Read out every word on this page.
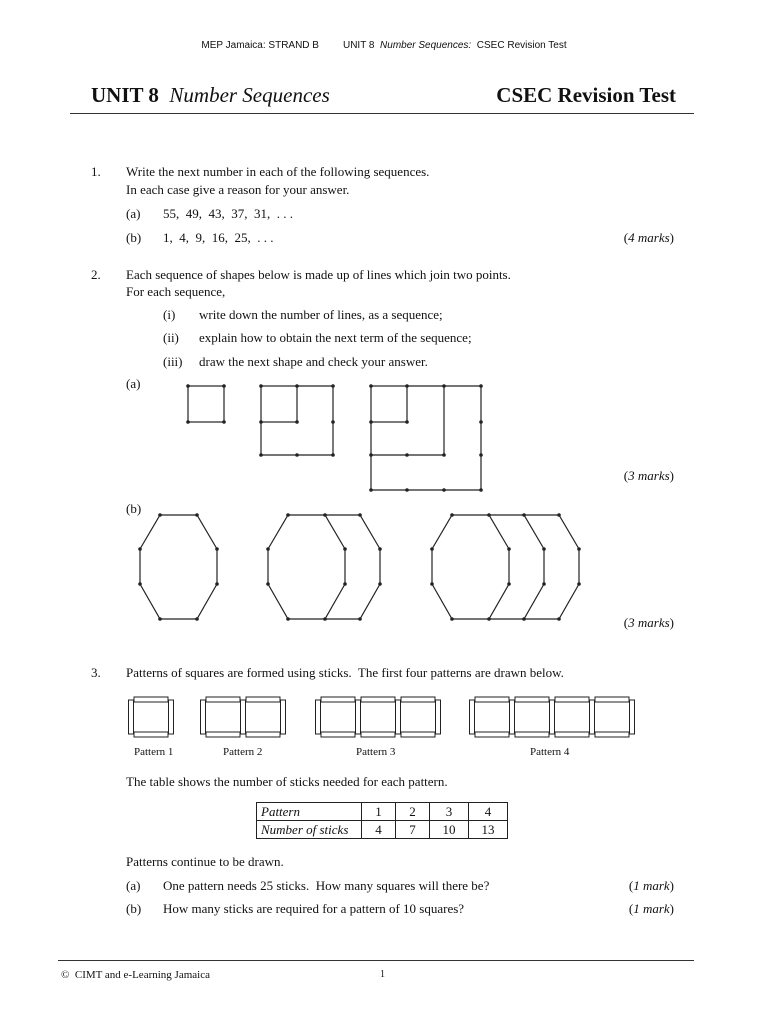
MEP Jamaica: STRAND B UNIT 8 Number Sequences: CSEC Revision Test
UNIT 8 Number Sequences	CSEC Revision Test
1. Write the next number in each of the following sequences.
In each case give a reason for your answer.
(a) 55,  49,  43,  37,  31,  . . .
(b) 1,  4,  9,  16,  25,  . . .	(4 marks)
2. Each sequence of shapes below is made up of lines which join two points.
For each sequence,
(i) write down the number of lines, as a sequence;
(ii) explain how to obtain the next term of the sequence;
(iii) draw the next shape and check your answer.
(a)
(3 marks)
(b)
(3 marks)
3. Patterns of squares are formed using sticks.  The first four patterns are drawn below.
Pattern 1	Pattern 2	Pattern 3	Pattern 4
The table shows the number of sticks needed for each pattern.
Pattern	1	2	3	4
Number of sticks	4	7	10	13
Patterns continue to be drawn.
(a) One pattern needs 25 sticks.  How many squares will there be?	(1 mark)
(b) How many sticks are required for a pattern of 10 squares?	(1 mark)
©  CIMT and e-Learning Jamaica	1
